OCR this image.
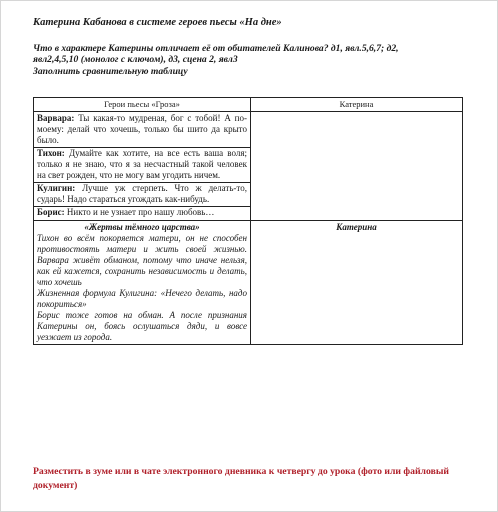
Катерина Кабанова в системе героев пьесы «На дне»
Что в характере Катерины отличает её от обитателей Калинова? д1, явл.5,6,7; д2,
явл2,4,5,10 (монолог с ключом), д3, сцена 2, явл3
Заполнить сравнительную таблицу
Герои пьесы «Гроза»	Катерина

Варвара: Ты какая-то мудреная, бог с тобой! А по-моему: делай что хочешь, только бы шито да крыто было.
Тихон: Думайте как хотите, на все есть ваша воля; только я не знаю, что я за несчастный такой человек на свет рожден, что не могу вам угодить ничем.
Кулигин: Лучше уж стерпеть. Что ж делать-то, сударь! Надо стараться угождать как-нибудь.
Борис: Никто и не узнает про нашу любовь…	

«Жертвы тёмного царства»
Тихон во всём покоряется матери, он не способен противостоять матери и жить своей жизнью. Варвара живёт обманом, потому что иначе нельзя, как ей кажется, сохранить независимость и делать, что хочешь
Жизненная формула Кулигина: «Нечего делать, надо покориться»
Борис тоже готов на обман. А после признания Катерины он, боясь ослушаться дяди, и вовсе уезжает из города.	Катерина
Разместить в зуме или в чате электронного дневника к четвергу до урока (фото или файловый документ)
